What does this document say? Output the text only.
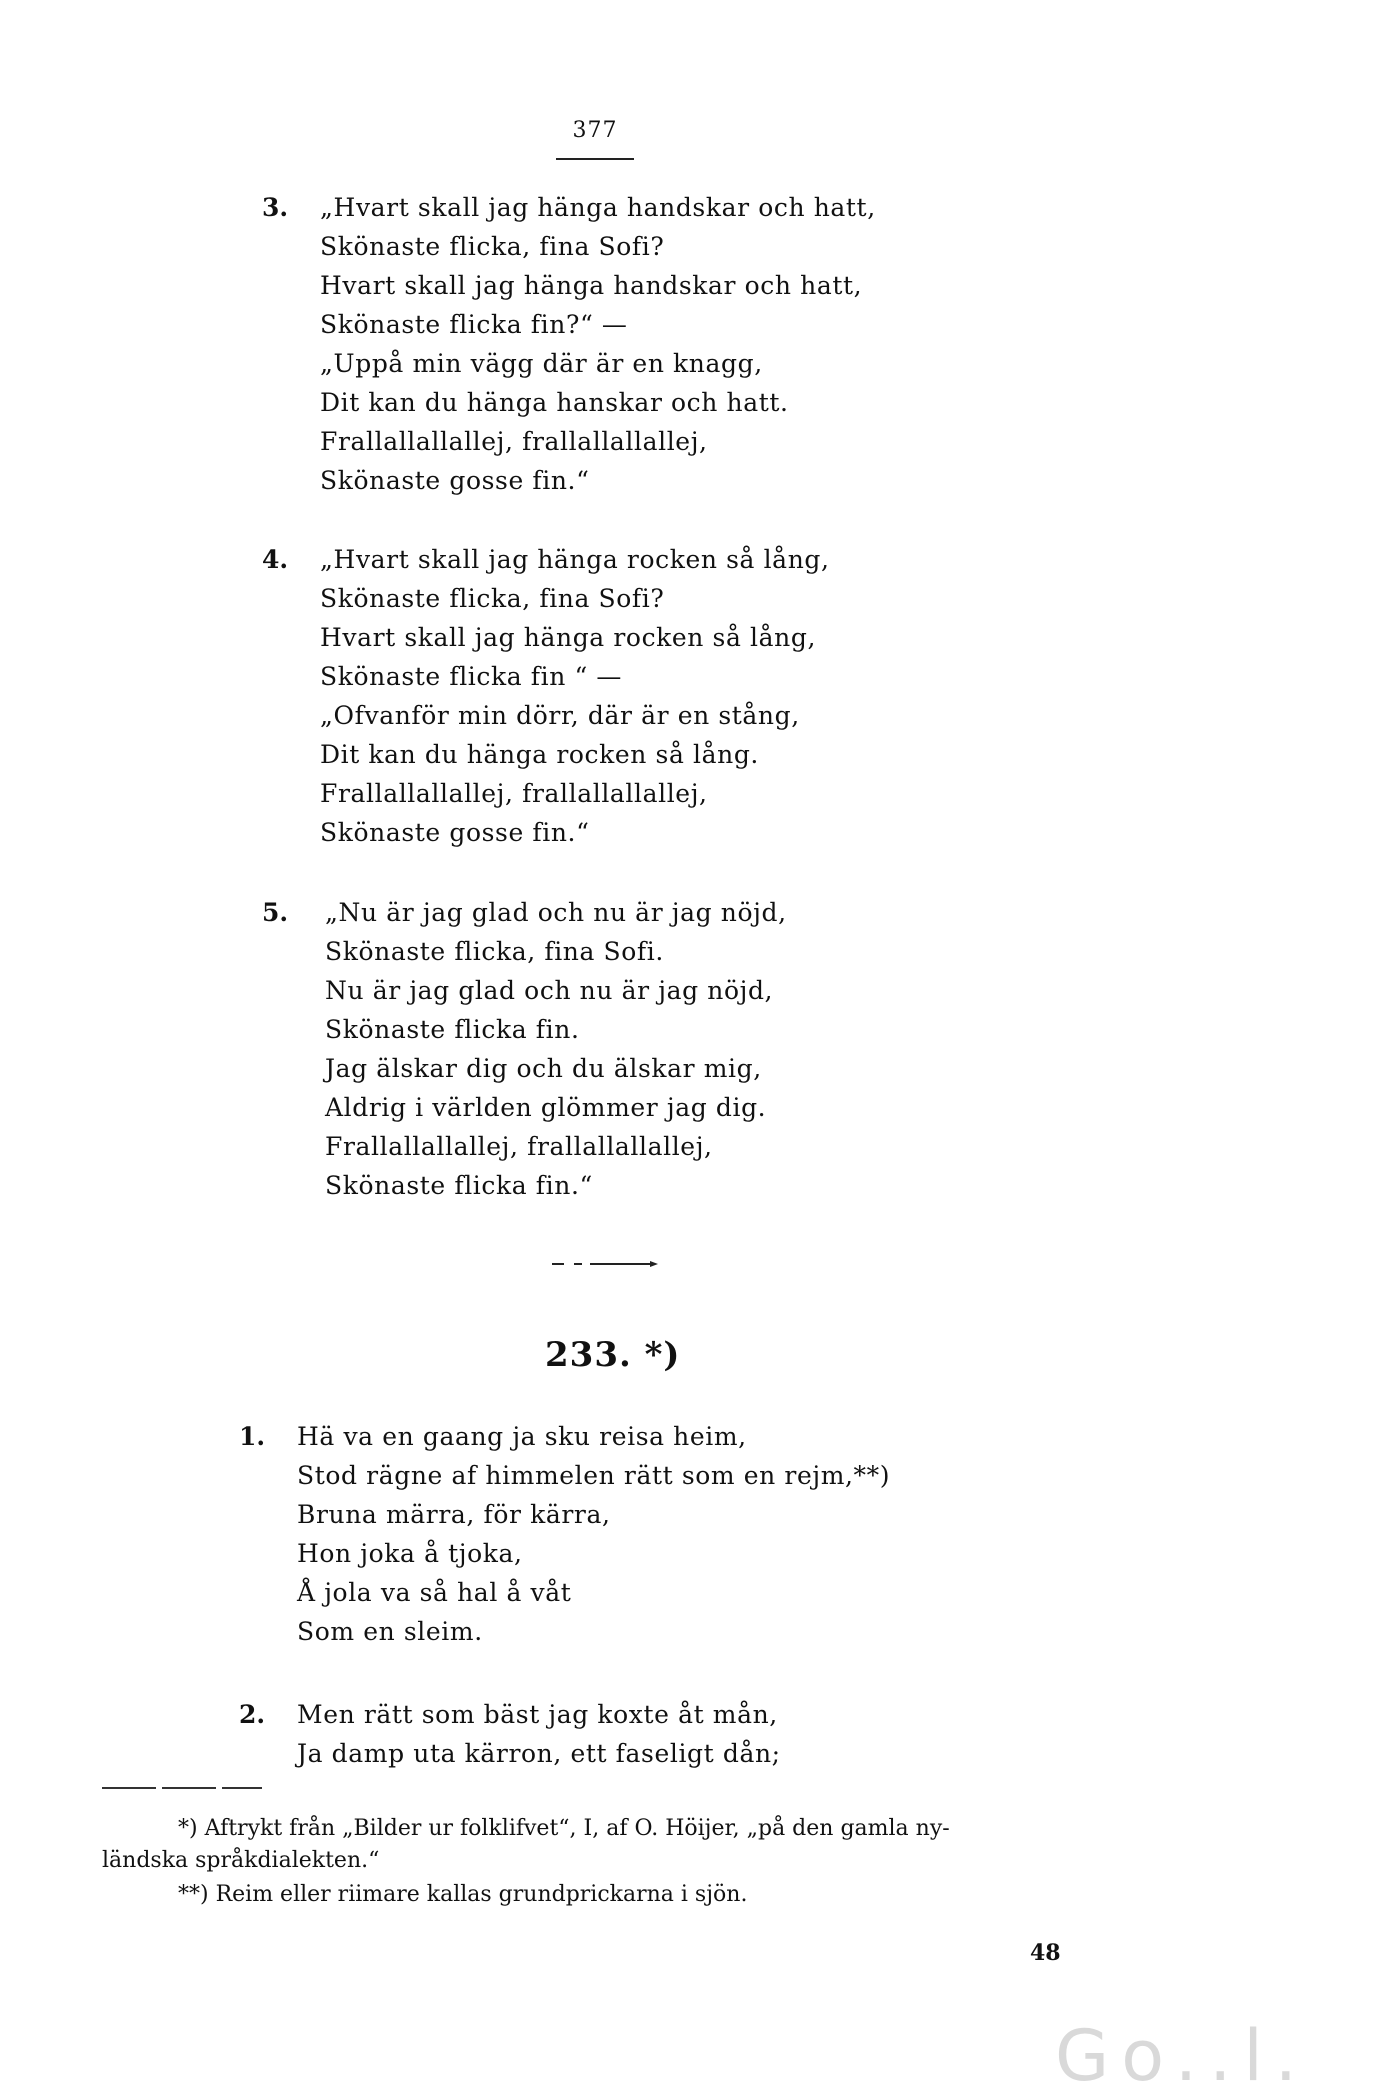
377
3. „Hvart skall jag hänga handskar och hatt,
Skönaste flicka, fina Sofi?
Hvart skall jag hänga handskar och hatt,
Skönaste flicka fin?“ —
„Uppå min vägg där är en knagg,
Dit kan du hänga hanskar och hatt.
Frallallallallej, frallallallallej,
Skönaste gosse fin.“
4. „Hvart skall jag hänga rocken så lång,
Skönaste flicka, fina Sofi?
Hvart skall jag hänga rocken så lång,
Skönaste flicka fin “ —
„Ofvanför min dörr, där är en stång,
Dit kan du hänga rocken så lång.
Frallallallallej, frallallallallej,
Skönaste gosse fin.“
5. „Nu är jag glad och nu är jag nöjd,
Skönaste flicka, fina Sofi.
Nu är jag glad och nu är jag nöjd,
Skönaste flicka fin.
Jag älskar dig och du älskar mig,
Aldrig i världen glömmer jag dig.
Frallallallallej, frallallallallej,
Skönaste flicka fin.“
233. *)
1. Hä va en gaang ja sku reisa heim,
Stod rägne af himmelen rätt som en rejm,**)
Bruna märra, för kärra,
Hon joka å tjoka,
Å jola va så hal å våt
Som en sleim.
2. Men rätt som bäst jag koxte åt mån,
Ja damp uta kärron, ett faseligt dån;
*) Aftrykt från „Bilder ur folklifvet“, I, af O. Höijer, „på den gamla ny-
ländska språkdialekten.“
**) Reim eller riimare kallas grundprickarna i sjön.
48
Go..l.
